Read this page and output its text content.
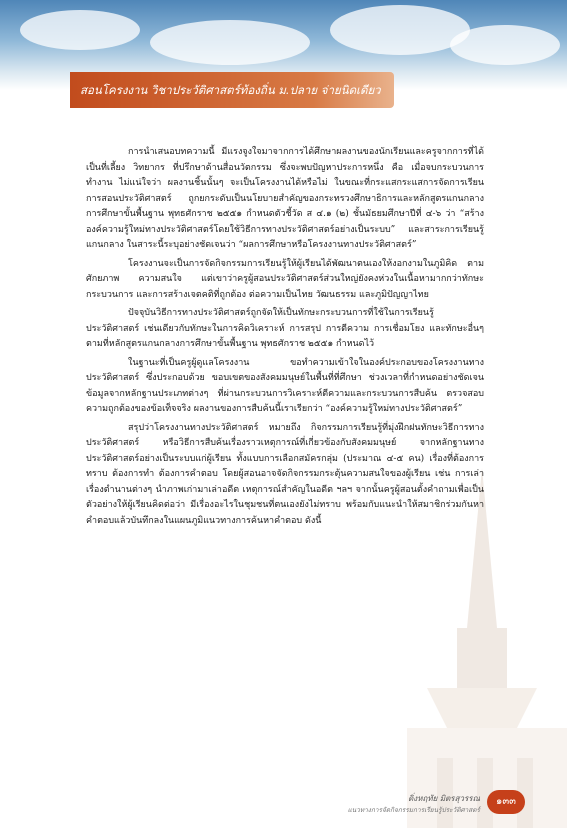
สอนโครงงาน วิชาประวัติศาสตร์ท้องถิ่น ม.ปลาย จ่ายนิดเดียว

การนำเสนอบทความนี้ มีแรงจูงใจมาจากการได้ศึกษาผลงานของนักเรียนและครูจากการที่ได้เป็นที่เลี้ยง วิทยากร ที่ปรึกษาด้านสื่อนวัตกรรม ซึ่งจะพบปัญหาประการหนึ่ง คือ เมื่อจบกระบวนการทำงาน ไม่แน่ใจว่า ผลงานชิ้นนั้นๆ จะเป็นโครงงานได้หรือไม่ ในขณะที่กระแสกระแสการจัดการเรียนการสอนประวัติศาสตร์ ถูกยกระดับเป็นนโยบายสำคัญของกระทรวงศึกษาธิการและหลักสูตรแกนกลางการศึกษาขั้นพื้นฐาน พุทธศักราช ๒๕๕๑ กำหนดตัวชี้วัด ส ๔.๑ (๒) ชั้นมัธยมศึกษาปีที่ ๔-๖ ว่า “สร้างองค์ความรู้ใหม่ทางประวัติศาสตร์โดยใช้วิธีการทางประวัติศาสตร์อย่างเป็นระบบ” และสาระการเรียนรู้แกนกลาง ในสาระนี้ระบุอย่างชัดเจนว่า “ผลการศึกษาหรือโครงงานทางประวัติศาสตร์”

โครงงานจะเป็นการจัดกิจกรรมการเรียนรู้ให้ผู้เรียนได้พัฒนาตนเองให้งอกงามในภูมิคิด ตามศักยภาพ ความสนใจ แต่เขาว่าครูผู้สอนประวัติศาสตร์ส่วนใหญ่ยังคงห่วงในเนื้อหามากกว่าทักษะกระบวนการ และการสร้างเจตคติที่ถูกต้อง ต่อความเป็นไทย วัฒนธรรม และภูมิปัญญาไทย

ปัจจุบันวิธีการทางประวัติศาสตร์ถูกจัดให้เป็นทักษะกระบวนการที่ใช้ในการเรียนรู้ประวัติศาสตร์ เช่นเดียวกับทักษะในการคิดวิเคราะห์ การสรุป การตีความ การเชื่อมโยง และทักษะอื่นๆ ตามที่หลักสูตรแกนกลางการศึกษาขั้นพื้นฐาน พุทธศักราช ๒๕๕๑ กำหนดไว้

ในฐานะที่เป็นครูผู้ดูแลโครงงาน ขอทำความเข้าใจในองค์ประกอบของโครงงานทางประวัติศาสตร์ ซึ่งประกอบด้วย ขอบเขตของสังคมมนุษย์ในพื้นที่ที่ศึกษา ช่วงเวลาที่กำหนดอย่างชัดเจน ข้อมูลจากหลักฐานประเภทต่างๆ ที่ผ่านกระบวนการวิเคราะห์ตีความและกระบวนการสืบค้น ตรวจสอบความถูกต้องของข้อเท็จจริง ผลงานของการสืบค้นนี้เราเรียกว่า “องค์ความรู้ใหม่ทางประวัติศาสตร์”

สรุปว่าโครงงานทางประวัติศาสตร์ หมายถึง กิจกรรมการเรียนรู้ที่มุ่งฝึกฝนทักษะวิธีการทางประวัติศาสตร์ หรือวิธีการสืบค้นเรื่องราวเหตุการณ์ที่เกี่ยวข้องกับสังคมมนุษย์ จากหลักฐานทางประวัติศาสตร์อย่างเป็นระบบแก่ผู้เรียน ทั้งแบบการเลือกสมัครกลุ่ม (ประมาณ ๔-๕ คน) เรื่องที่ต้องการทราบ ต้องการทำ ต้องการคำตอบ โดยผู้สอนอาจจัดกิจกรรมกระตุ้นความสนใจของผู้เรียน เช่น การเล่าเรื่องตำนานต่างๆ นำภาพเก่ามาเล่าอดีต เหตุการณ์สำคัญในอดีต ฯลฯ จากนั้นครูผู้สอนตั้งคำถามเพื่อเป็นตัวอย่างให้ผู้เรียนคิดต่อว่า มีเรื่องอะไรในชุมชนที่ตนเองยังไม่ทราบ พร้อมกับแนะนำให้สมาชิกร่วมกันหาคำตอบแล้วบันทึกลงในแผนภูมิแนวทางการค้นหาคำตอบ ดังนี้

ดิ่งหฤทัย มิตรสุวรรณ
แนวทางการจัดกิจกรรมการเรียนรู้ประวัติศาสตร์
๑๓๓
